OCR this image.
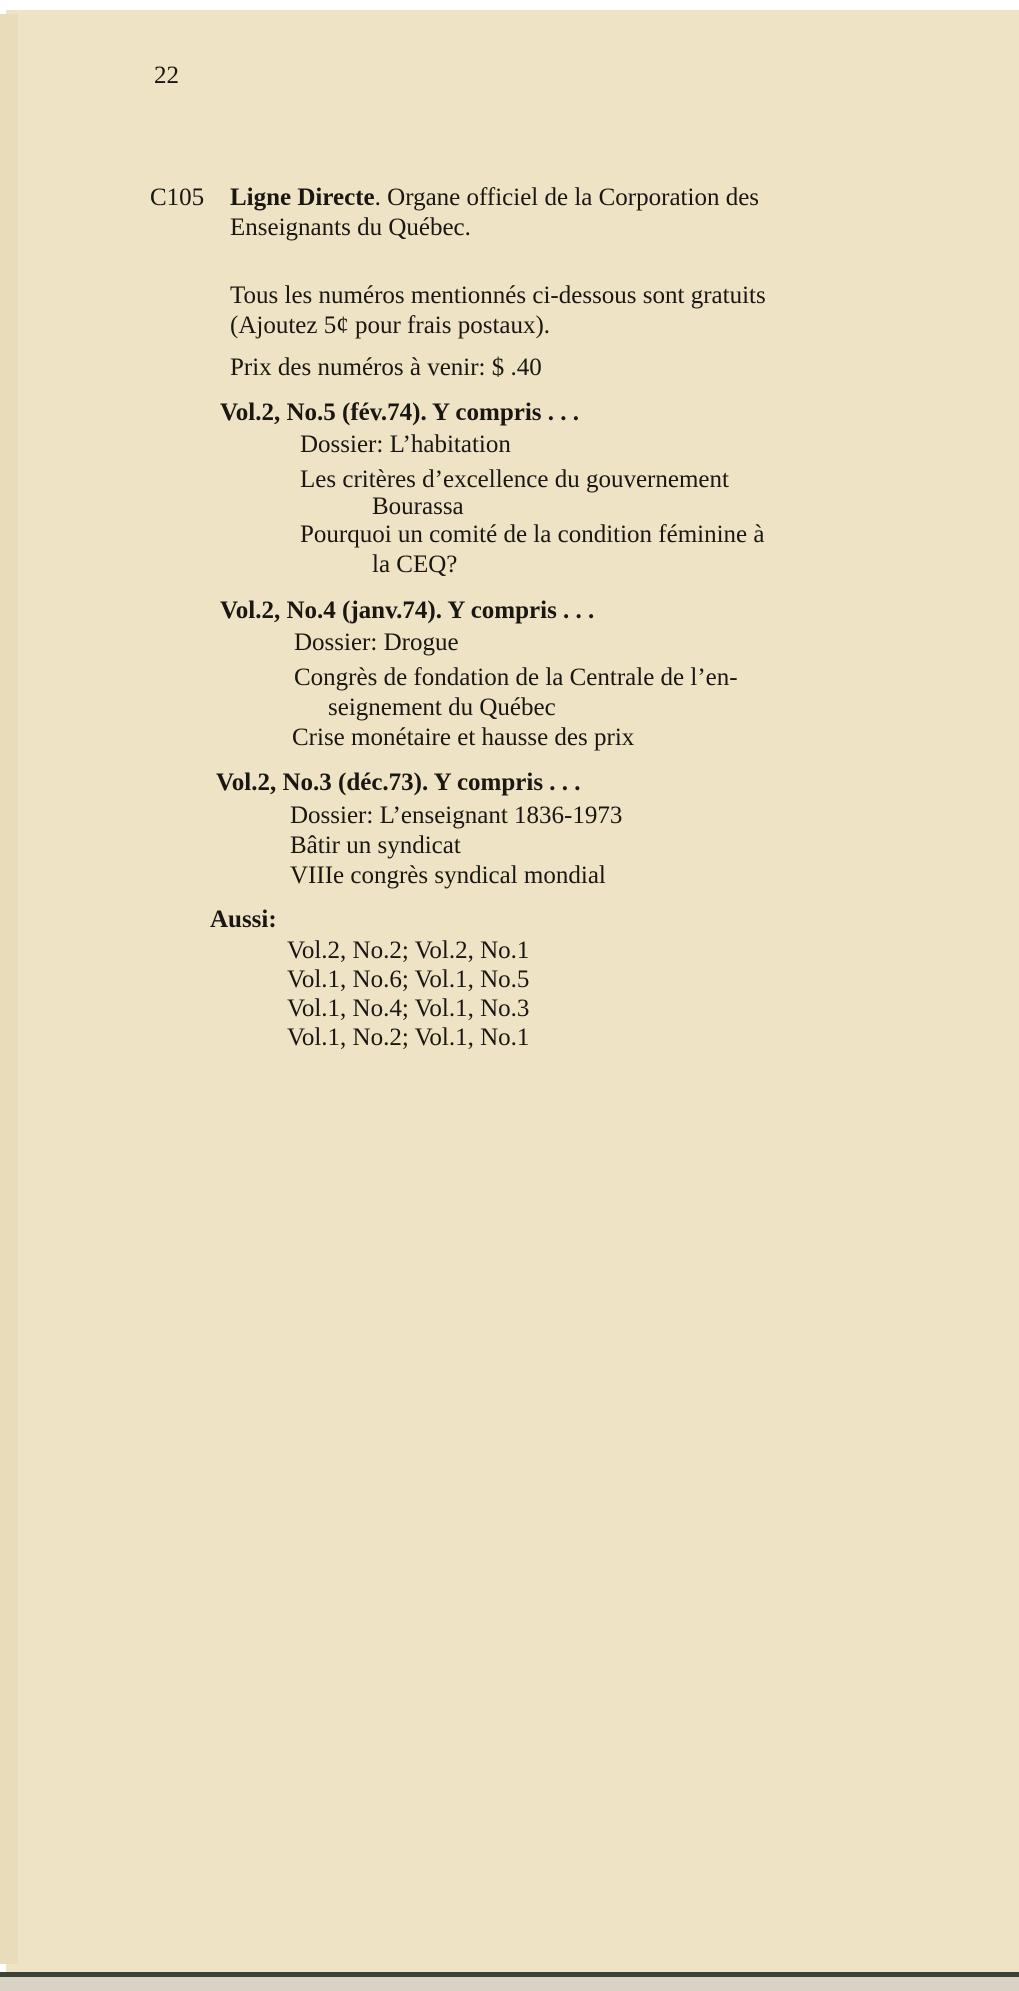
22
C105 Ligne Directe. Organe officiel de la Corporation des
Enseignants du Québec.
Tous les numéros mentionnés ci-dessous sont gratuits
(Ajoutez 5¢ pour frais postaux).
Prix des numéros à venir: $ .40
Vol.2, No.5 (fév.74). Y compris . . .
Dossier: L’habitation
Les critères d’excellence du gouvernement
Bourassa
Pourquoi un comité de la condition féminine à
la CEQ?
Vol.2, No.4 (janv.74). Y compris . . .
Dossier: Drogue
Congrès de fondation de la Centrale de l’en-
seignement du Québec
Crise monétaire et hausse des prix
Vol.2, No.3 (déc.73). Y compris . . .
Dossier: L’enseignant 1836-1973
Bâtir un syndicat
VIIIe congrès syndical mondial
Aussi:
Vol.2, No.2; Vol.2, No.1
Vol.1, No.6; Vol.1, No.5
Vol.1, No.4; Vol.1, No.3
Vol.1, No.2; Vol.1, No.1
